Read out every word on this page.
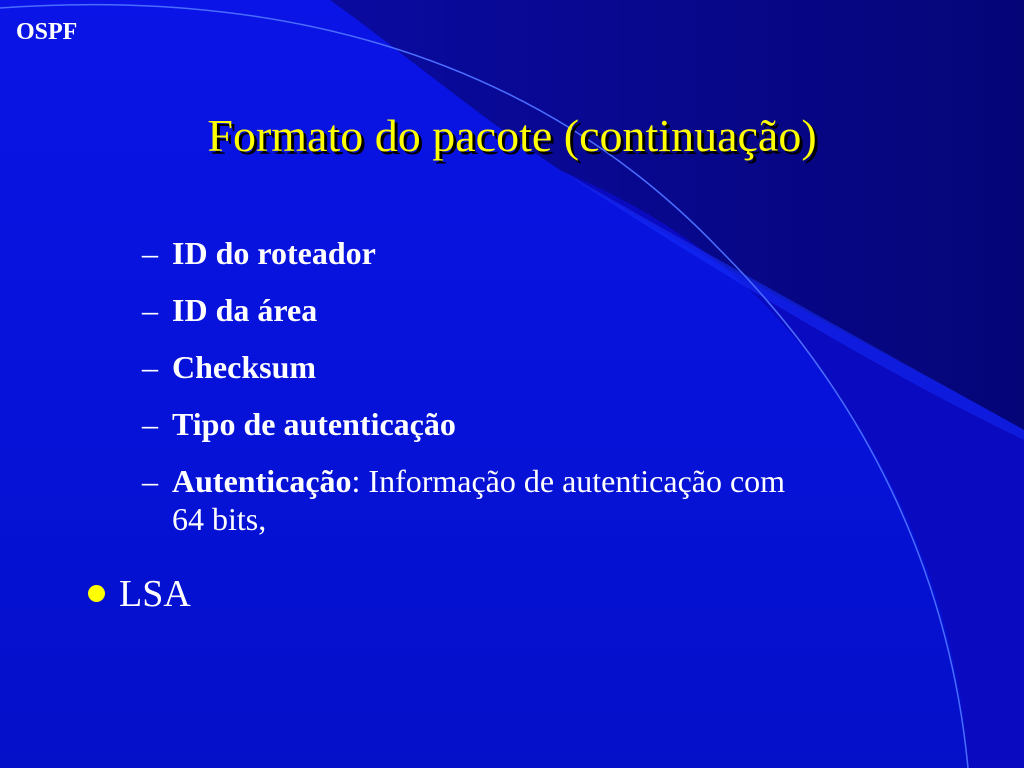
OSPF
Formato do pacote (continuação)
– ID do roteador
– ID da área
– Checksum
– Tipo de autenticação
– Autenticação: Informação de autenticação com
64 bits,
LSA
